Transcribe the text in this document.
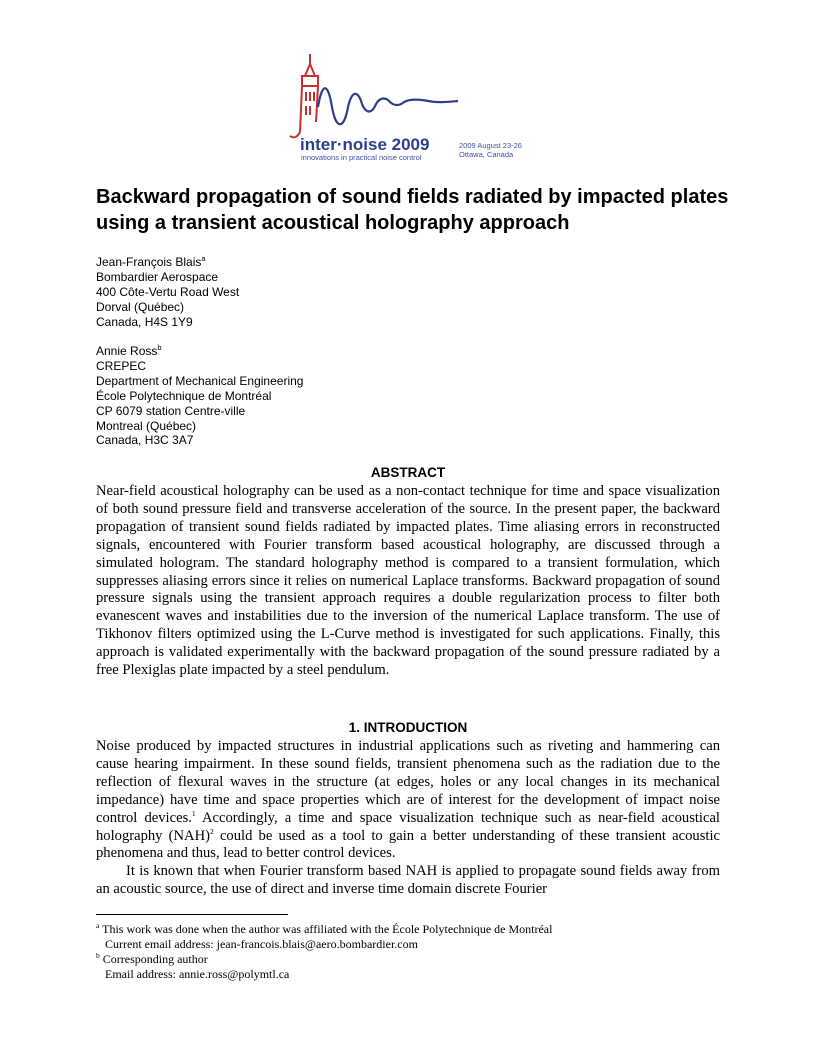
inter·noise 2009
innovations in practical noise control
2009 August 23-26
Ottawa, Canada
Backward propagation of sound fields radiated by impacted plates using a transient acoustical holography approach
Jean-François Blais$^a$
Bombardier Aerospace
400 Côte-Vertu Road West
Dorval (Québec)
Canada, H4S 1Y9
Annie Ross$^b$
CREPEC
Department of Mechanical Engineering
École Polytechnique de Montréal
CP 6079 station Centre-ville
Montreal (Québec)
Canada, H3C 3A7
ABSTRACT

Near-field acoustical holography can be used as a non-contact technique for time and space visualization of both sound pressure field and transverse acceleration of the source. In the present paper, the backward propagation of transient sound fields radiated by impacted plates. Time aliasing errors in reconstructed signals, encountered with Fourier transform based acoustical holography, are discussed through a simulated hologram. The standard holography method is compared to a transient formulation, which suppresses aliasing errors since it relies on numerical Laplace transforms. Backward propagation of sound pressure signals using the transient approach requires a double regularization process to filter both evanescent waves and instabilities due to the inversion of the numerical Laplace transform. The use of Tikhonov filters optimized using the L-Curve method is investigated for such applications. Finally, this approach is validated experimentally with the backward propagation of the sound pressure radiated by a free Plexiglas plate impacted by a steel pendulum.

1. INTRODUCTION

Noise produced by impacted structures in industrial applications such as riveting and hammering can cause hearing impairment. In these sound fields, transient phenomena such as the radiation due to the reflection of flexural waves in the structure (at edges, holes or any local changes in its mechanical impedance) have time and space properties which are of interest for the development of impact noise control devices.$^1$ Accordingly, a time and space visualization technique such as near-field acoustical holography (NAH)$^2$ could be used as a tool to gain a better understanding of these transient acoustic phenomena and thus, lead to better control devices.

It is known that when Fourier transform based NAH is applied to propagate sound fields away from an acoustic source, the use of direct and inverse time domain discrete Fourier

$^a$ This work was done when the author was affiliated with the École Polytechnique de Montréal
Current email address: jean-francois.blais@aero.bombardier.com
$^b$ Corresponding author
Email address: annie.ross@polymtl.ca
